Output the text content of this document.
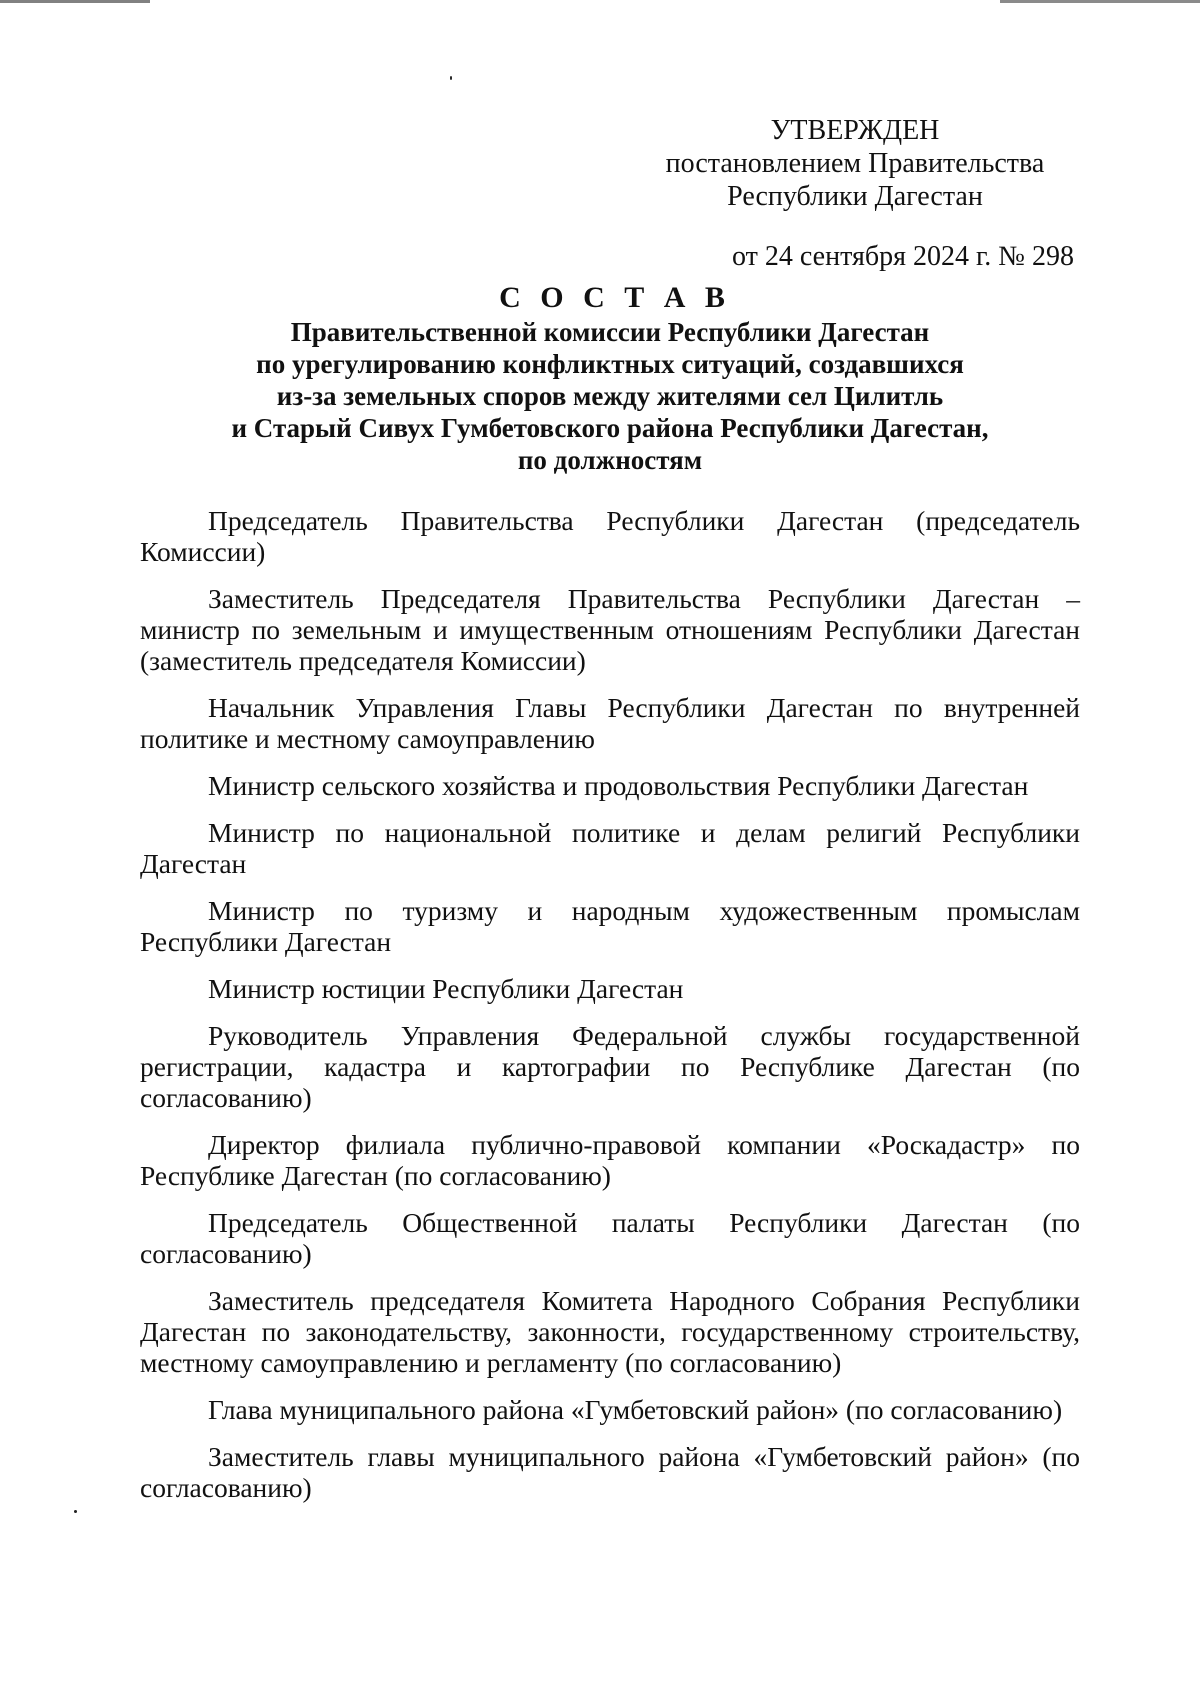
УТВЕРЖДЕН
постановлением Правительства
Республики Дагестан
от 24 сентября 2024 г. № 298
С О С Т А В
Правительственной комиссии Республики Дагестан
по урегулированию конфликтных ситуаций, создавшихся
из-за земельных споров между жителями сел Цилитль
и Старый Сивух Гумбетовского района Республики Дагестан,
по должностям

Председатель Правительства Республики Дагестан (председатель Комиссии)

Заместитель Председателя Правительства Республики Дагестан – министр по земельным и имущественным отношениям Республики Дагестан (заместитель председателя Комиссии)

Начальник Управления Главы Республики Дагестан по внутренней политике и местному самоуправлению

Министр сельского хозяйства и продовольствия Республики Дагестан

Министр по национальной политике и делам религий Республики Дагестан

Министр по туризму и народным художественным промыслам Республики Дагестан

Министр юстиции Республики Дагестан

Руководитель Управления Федеральной службы государственной регистрации, кадастра и картографии по Республике Дагестан (по согласованию)

Директор филиала публично-правовой компании «Роскадастр» по Республике Дагестан (по согласованию)

Председатель Общественной палаты Республики Дагестан (по согласованию)

Заместитель председателя Комитета Народного Собрания Республики Дагестан по законодательству, законности, государственному строительству, местному самоуправлению и регламенту (по согласованию)

Глава муниципального района «Гумбетовский район» (по согласованию)

Заместитель главы муниципального района «Гумбетовский район» (по согласованию)
